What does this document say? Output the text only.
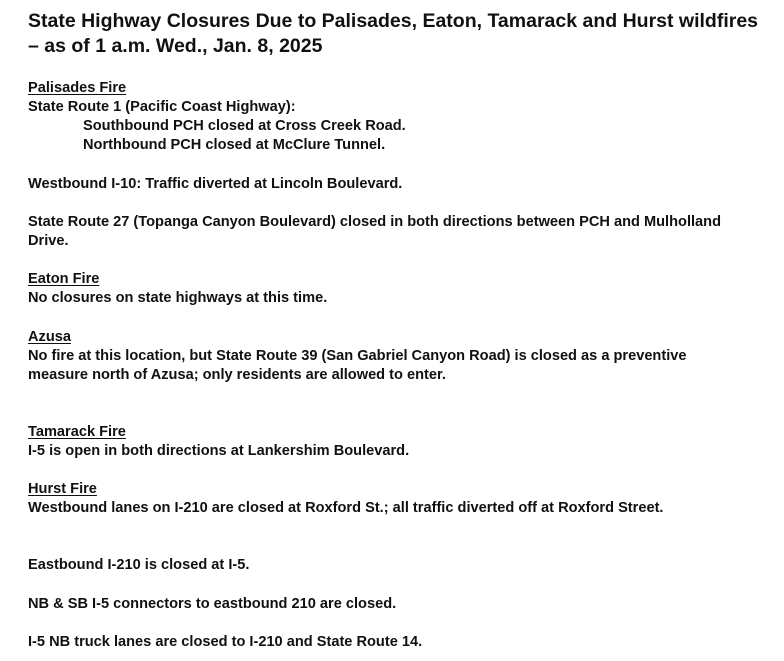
State Highway Closures Due to Palisades, Eaton, Tamarack and Hurst wildfires – as of 1 a.m. Wed., Jan. 8, 2025

Palisades Fire

State Route 1 (Pacific Coast Highway):

Southbound PCH closed at Cross Creek Road.

Northbound PCH closed at McClure Tunnel.

Westbound I-10: Traffic diverted at Lincoln Boulevard.

State Route 27 (Topanga Canyon Boulevard) closed in both directions between PCH and Mulholland Drive.

Eaton Fire

No closures on state highways at this time.

Azusa

No fire at this location, but State Route 39 (San Gabriel Canyon Road) is closed as a preventive measure north of Azusa; only residents are allowed to enter.

Tamarack Fire

I-5 is open in both directions at Lankershim Boulevard.

Hurst Fire

Westbound lanes on I-210 are closed at Roxford St.; all traffic diverted off at Roxford Street.

Eastbound I-210 is closed at I-5.

NB & SB I-5 connectors to eastbound 210 are closed.

I-5 NB truck lanes are closed to I-210 and State Route 14.
